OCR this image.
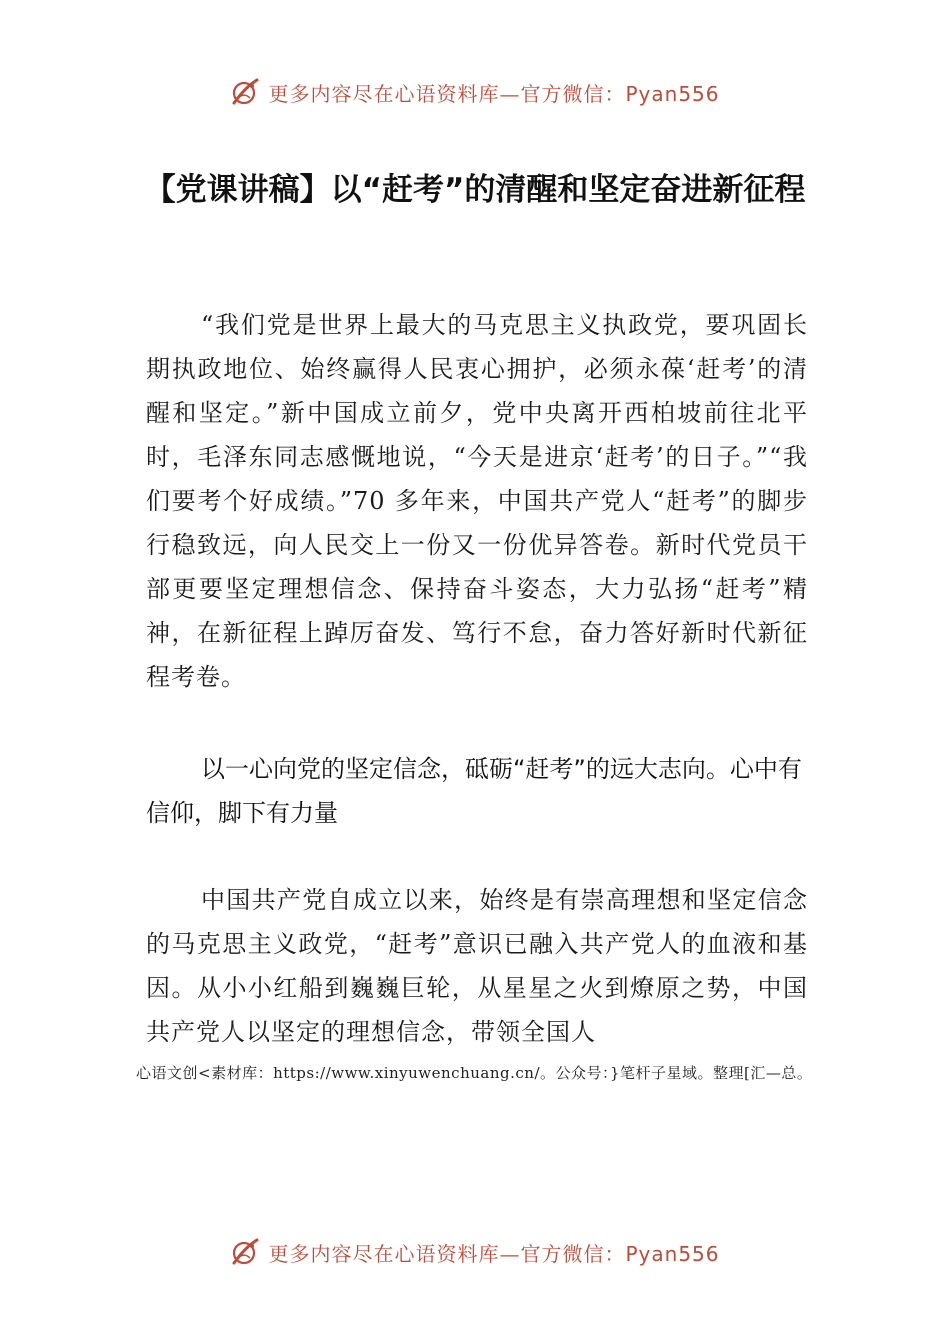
更多内容尽在心语资料库—官方微信：Pyan556
【党课讲稿】以“赶考”的清醒和坚定奋进新征程

“我们党是世界上最大的马克思主义执政党，要巩固长期执政地位、始终赢得人民衷心拥护，必须永葆‘赶考’的清醒和坚定。”新中国成立前夕，党中央离开西柏坡前往北平时，毛泽东同志感慨地说，“今天是进京‘赶考’的日子。”“我们要考个好成绩。”70 多年来，中国共产党人“赶考”的脚步行稳致远，向人民交上一份又一份优异答卷。新时代党员干部更要坚定理想信念、保持奋斗姿态，大力弘扬“赶考”精神，在新征程上踔厉奋发、笃行不怠，奋力答好新时代新征程考卷。

以一心向党的坚定信念，砥砺“赶考”的远大志向。心中有信仰，脚下有力量

中国共产党自成立以来，始终是有崇高理想和坚定信念的马克思主义政党，“赶考”意识已融入共产党人的血液和基因。从小小红船到巍巍巨轮，从星星之火到燎原之势，中国共产党人以坚定的理想信念，带领全国人

心语文创<素材库：https://www.xinyuwenchuang.cn/。公众号：}笔杆子星域。整理[汇—总。

更多内容尽在心语资料库—官方微信：Pyan556
